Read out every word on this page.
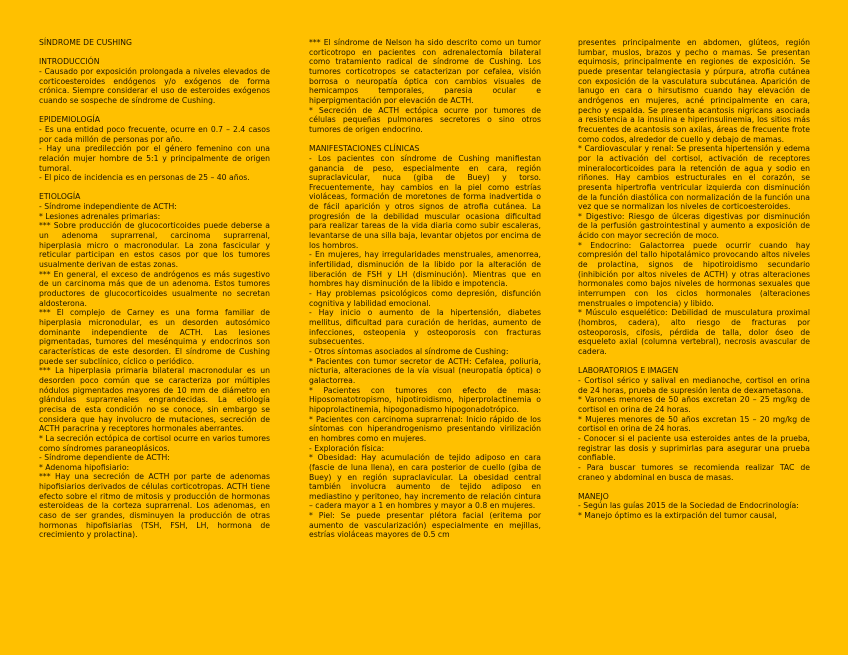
SÍNDROME DE CUSHING
INTRODUCCIÓN

- Causado por exposición prolongada a niveles elevados de corticoesteroides endógenos y/o exógenos de forma crónica. Siempre considerar el uso de esteroides exógenos cuando se sospeche de síndrome de Cushing.

EPIDEMIOLOGÍA

- Es una entidad poco frecuente, ocurre en 0.7 – 2.4 casos por cada millón de personas por año.

- Hay una predilección por el género femenino con una relación mujer hombre de 5:1 y principalmente de origen tumoral.

- El pico de incidencia es en personas de 25 – 40 años.

ETIOLOGÍA

- Síndrome independiente de ACTH:

* Lesiones adrenales primarias:

*** Sobre producción de glucocorticoides puede deberse a un adenoma suprarrenal, carcinoma suprarrenal, hiperplasia micro o macronodular. La zona fascicular y reticular participan en estos casos por que los tumores usualmente derivan de estas zonas.

*** En general, el exceso de andrógenos es más sugestivo de un carcinoma más que de un adenoma. Estos tumores productores de glucocorticoides usualmente no secretan aldosterona.

*** El complejo de Carney es una forma familiar de hiperplasia micronodular, es un desorden autosómico dominante independiente de ACTH. Las lesiones pigmentadas, tumores del mesénquima y endocrinos son características de este desorden. El síndrome de Cushing puede ser subclínico, cíclico o periódico.

*** La hiperplasia primaria bilateral macronodular es un desorden poco común que se caracteriza por múltiples nódulos pigmentados mayores de 10 mm de diámetro en glándulas suprarrenales engrandecidas. La etiología precisa de esta condición no se conoce, sin embargo se considera que hay involucro de mutaciones, secreción de ACTH paracrina y receptores hormonales aberrantes.

* La secreción ectópica de cortisol ocurre en varios tumores como síndromes paraneoplásicos.

- Síndrome dependiente de ACTH:

* Adenoma hipofisiario:

*** Hay una secreción de ACTH por parte de adenomas hipofisiarios derivados de células corticotropas. ACTH tiene efecto sobre el ritmo de mitosis y producción de hormonas esteroideas de la corteza suprarrenal. Los adenomas, en caso de ser grandes, disminuyen la producción de otras hormonas hipofisiarias (TSH, FSH, LH, hormona de crecimiento y prolactina).

*** El síndrome de Nelson ha sido descrito como un tumor corticotropo en pacientes con adrenalectomía bilateral como tratamiento radical de síndrome de Cushing. Los tumores corticotropos se catacterizan por cefalea, visión borrosa o neuropatía óptica con cambios visuales de hemicampos temporales, paresia ocular e hiperpigmentación por elevación de ACTH.

* Secreción de ACTH ectópica ocurre por tumores de células pequeñas pulmonares secretores o sino otros tumores de origen endocrino.

MANIFESTACIONES CLÍNICAS

- Los pacientes con síndrome de Cushing manifiestan ganancia de peso, especialmente en cara, región supraclavicular, nuca (giba de Buey) y torso. Frecuentemente, hay cambios en la piel como estrías violáceas, formación de moretones de forma inadvertida o de fácil aparición y otros signos de atrofia cutánea. La progresión de la debilidad muscular ocasiona dificultad para realizar tareas de la vida diaria como subir escaleras, levantarse de una silla baja, levantar objetos por encima de los hombros.

- En mujeres, hay irregularidades menstruales, amenorrea, infertilidad, disminución de la libido por la alteración de liberación de FSH y LH (disminución). Mientras que en hombres hay disminución de la libido e impotencia.

- Hay problemas psicológicos como depresión, disfunción cognitiva y labilidad emocional.

- Hay inicio o aumento de la hipertensión, diabetes mellitus, dificultad para curación de heridas, aumento de infecciones, osteopenia y osteoporosis con fracturas subsecuentes.

- Otros síntomas asociados al síndrome de Cushing:

* Pacientes con tumor secretor de ACTH: Cefalea, poliuria, nicturia, alteraciones de la vía visual (neuropatía óptica) o galactorrea.

* Pacientes con tumores con efecto de masa: Hiposomatotropismo, hipotiroidismo, hiperprolactinemia o hipoprolactinemia, hipogonadismo hipogonadotrópico.

* Pacientes con carcinoma suprarrenal: Inicio rápido de los síntomas con hiperandrogenismo presentando virilización en hombres como en mujeres.

- Exploración física:

* Obesidad: Hay acumulación de tejido adiposo en cara (fascie de luna llena), en cara posterior de cuello (giba de Buey) y en región supraclavicular. La obesidad central también involucra aumento de tejido adiposo en mediastino y peritoneo, hay incremento de relación cintura – cadera mayor a 1 en hombres y mayor a 0.8 en mujeres.

* Piel: Se puede presentar plétora facial (eritema por aumento de vascularización) especialmente en mejillas, estrías violáceas mayores de 0.5 cm

presentes principalmente en abdomen, glúteos, región lumbar, muslos, brazos y pecho o mamas. Se presentan equimosis, principalmente en regiones de exposición. Se puede presentar telangiectasia y púrpura, atrofia cutánea con exposición de la vasculatura subcutánea. Aparición de lanugo en cara o hirsutismo cuando hay elevación de andrógenos en mujeres, acné principalmente en cara, pecho y espalda. Se presenta acantosis nigricans asociada a resistencia a la insulina e hiperinsulinemia, los sitios más frecuentes de acantosis son axilas, áreas de frecuente frote como codos, alrededor de cuello y debajo de mamas.

* Cardiovascular y renal: Se presenta hipertensión y edema por la activación del cortisol, activación de receptores mineralocorticoides para la retención de agua y sodio en riñones. Hay cambios estructurales en el corazón, se presenta hipertrofia ventricular izquierda con disminución de la función diastólica con normalización de la función una vez que se normalizan los niveles de corticoesteroides.

* Digestivo: Riesgo de úlceras digestivas por disminución de la perfusión gastrointestinal y aumento a exposición de ácido con mayor secreción de moco.

* Endocrino: Galactorrea puede ocurrir cuando hay compresión del tallo hipotalámico provocando altos niveles de prolactina, signos de hipotiroidismo secundario (inhibición por altos niveles de ACTH) y otras alteraciones hormonales como bajos niveles de hormonas sexuales que interrumpen con los ciclos hormonales (alteraciones menstruales o impotencia) y libido.

* Músculo esquelético: Debilidad de musculatura proximal (hombros, cadera), alto riesgo de fracturas por osteoporosis, cifosis, pérdida de talla, dolor óseo de esqueleto axial (columna vertebral), necrosis avascular de cadera.

LABORATORIOS E IMAGEN

- Cortisol sérico y salival en medianoche, cortisol en orina de 24 horas, prueba de supresión lenta de dexametasona.

* Varones menores de 50 años excretan 20 – 25 mg/kg de cortisol en orina de 24 horas.

* Mujeres menores de 50 años excretan 15 – 20 mg/kg de cortisol en orina de 24 horas.

- Conocer si el paciente usa esteroides antes de la prueba, registrar las dosis y suprimirlas para asegurar una prueba confiable.

- Para buscar tumores se recomienda realizar TAC de craneo y abdominal en busca de masas.

MANEJO

- Según las guías 2015 de la Sociedad de Endocrinología:

* Manejo óptimo es la extirpación del tumor causal,
